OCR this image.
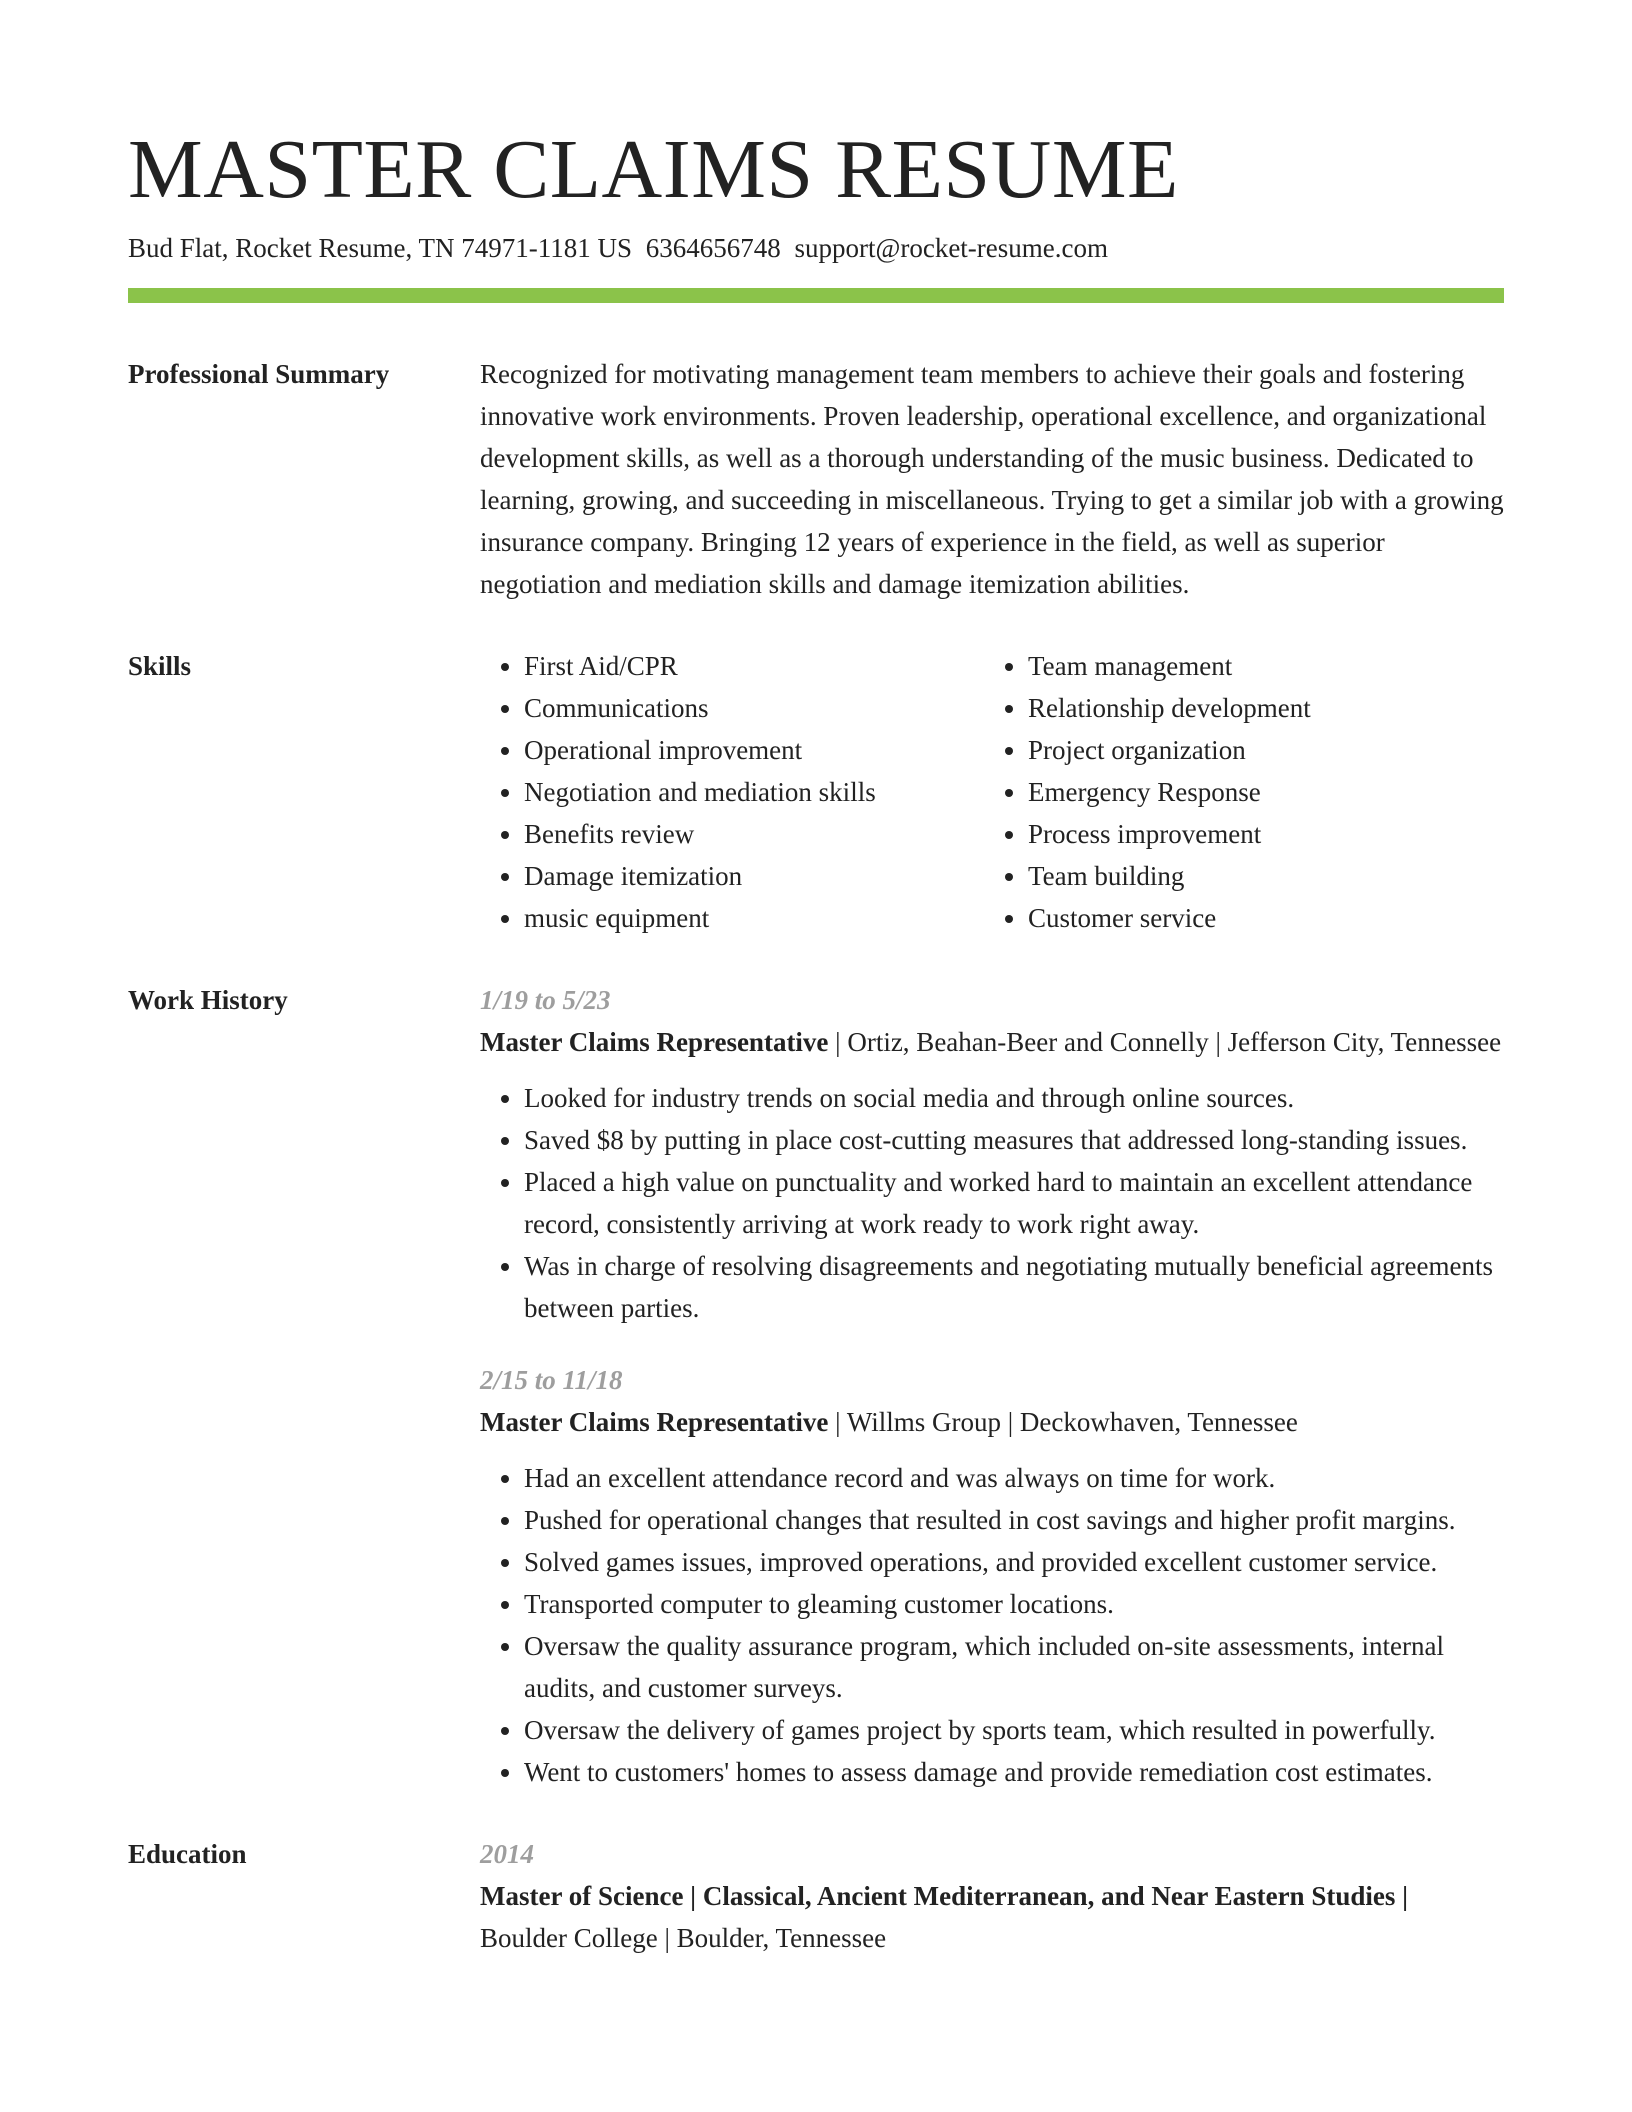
MASTER CLAIMS RESUME
Bud Flat, Rocket Resume, TN 74971-1181 US 6364656748 support@rocket-resume.com
Professional Summary	Recognized for motivating management team members to achieve their goals and fostering innovative work environments. Proven leadership, operational excellence, and organizational development skills, as well as a thorough understanding of the music business. Dedicated to learning, growing, and succeeding in miscellaneous. Trying to get a similar job with a growing insurance company. Bringing 12 years of experience in the field, as well as superior negotiation and mediation skills and damage itemization abilities.

Skills
•	First Aid/CPR
• Communications
• Operational improvement
• Negotiation and mediation skills
• Benefits review
• Damage itemization
• music equipment
• Team management
• Relationship development
• Project organization
• Emergency Response
• Process improvement
• Team building
• Customer service
Work History	1/19 to 5/23
Master Claims Representative | Ortiz, Beahan-Beer and Connelly | Jefferson City, Tennessee
• Looked for industry trends on social media and through online sources.
• Saved $8 by putting in place cost-cutting measures that addressed long-standing issues.
• Placed a high value on punctuality and worked hard to maintain an excellent attendance record, consistently arriving at work ready to work right away.
• Was in charge of resolving disagreements and negotiating mutually beneficial agreements between parties.
2/15 to 11/18
Master Claims Representative | Willms Group | Deckowhaven, Tennessee
• Had an excellent attendance record and was always on time for work.
• Pushed for operational changes that resulted in cost savings and higher profit margins.
• Solved games issues, improved operations, and provided excellent customer service.
• Transported computer to gleaming customer locations.
• Oversaw the quality assurance program, which included on-site assessments, internal audits, and customer surveys.
• Oversaw the delivery of games project by sports team, which resulted in powerfully.
• Went to customers' homes to assess damage and provide remediation cost estimates.
Education	2014
Master of Science | Classical, Ancient Mediterranean, and Near Eastern Studies |
Boulder College | Boulder, Tennessee
